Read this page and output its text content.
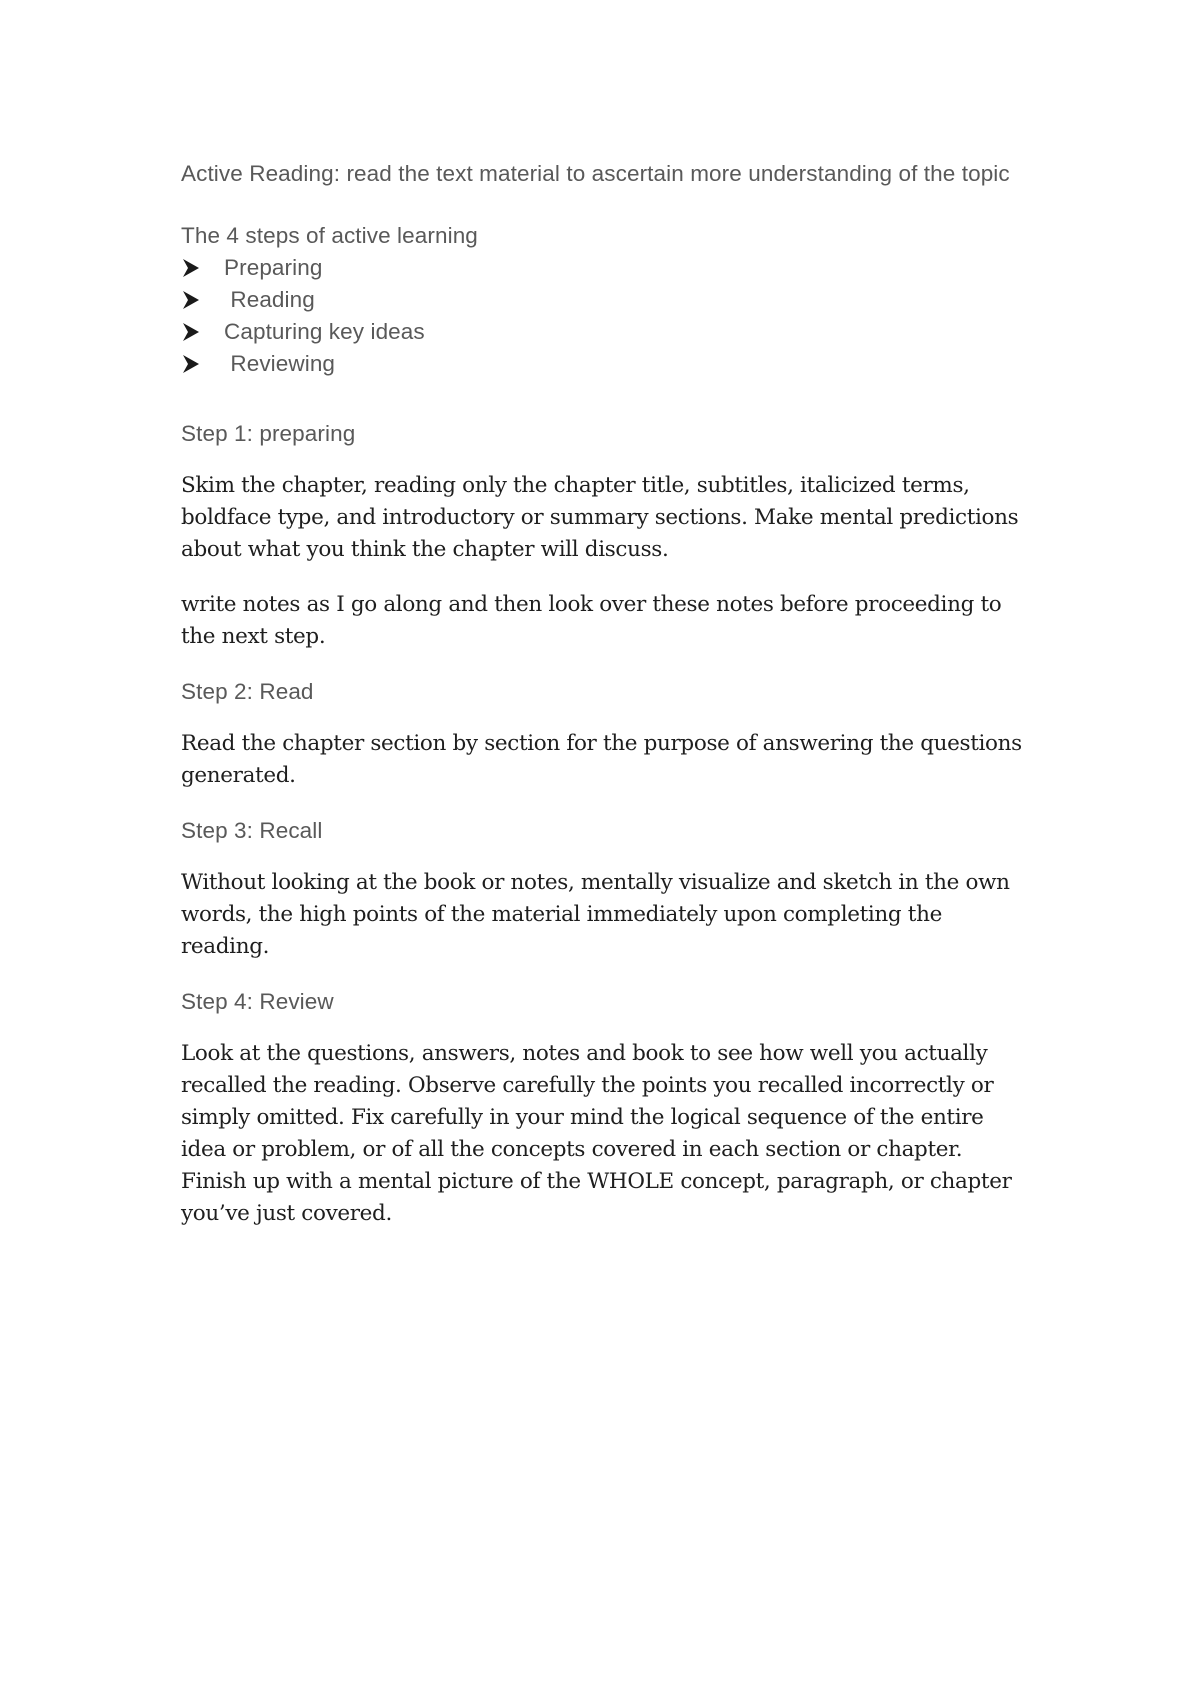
Active Reading: read the text material to ascertain more understanding of the topic

The 4 steps of active learning

Preparing
Reading
Capturing key ideas
Reviewing

Step 1: preparing

Skim the chapter, reading only the chapter title, subtitles, italicized terms, boldface type, and introductory or summary sections. Make mental predictions about what you think the chapter will discuss.

write notes as I go along and then look over these notes before proceeding to the next step.

Step 2: Read

Read the chapter section by section for the purpose of answering the questions generated.

Step 3: Recall

Without looking at the book or notes, mentally visualize and sketch in the own words, the high points of the material immediately upon completing the reading.

Step 4: Review

Look at the questions, answers, notes and book to see how well you actually recalled the reading. Observe carefully the points you recalled incorrectly or simply omitted. Fix carefully in your mind the logical sequence of the entire idea or problem, or of all the concepts covered in each section or chapter. Finish up with a mental picture of the WHOLE concept, paragraph, or chapter you’ve just covered.
